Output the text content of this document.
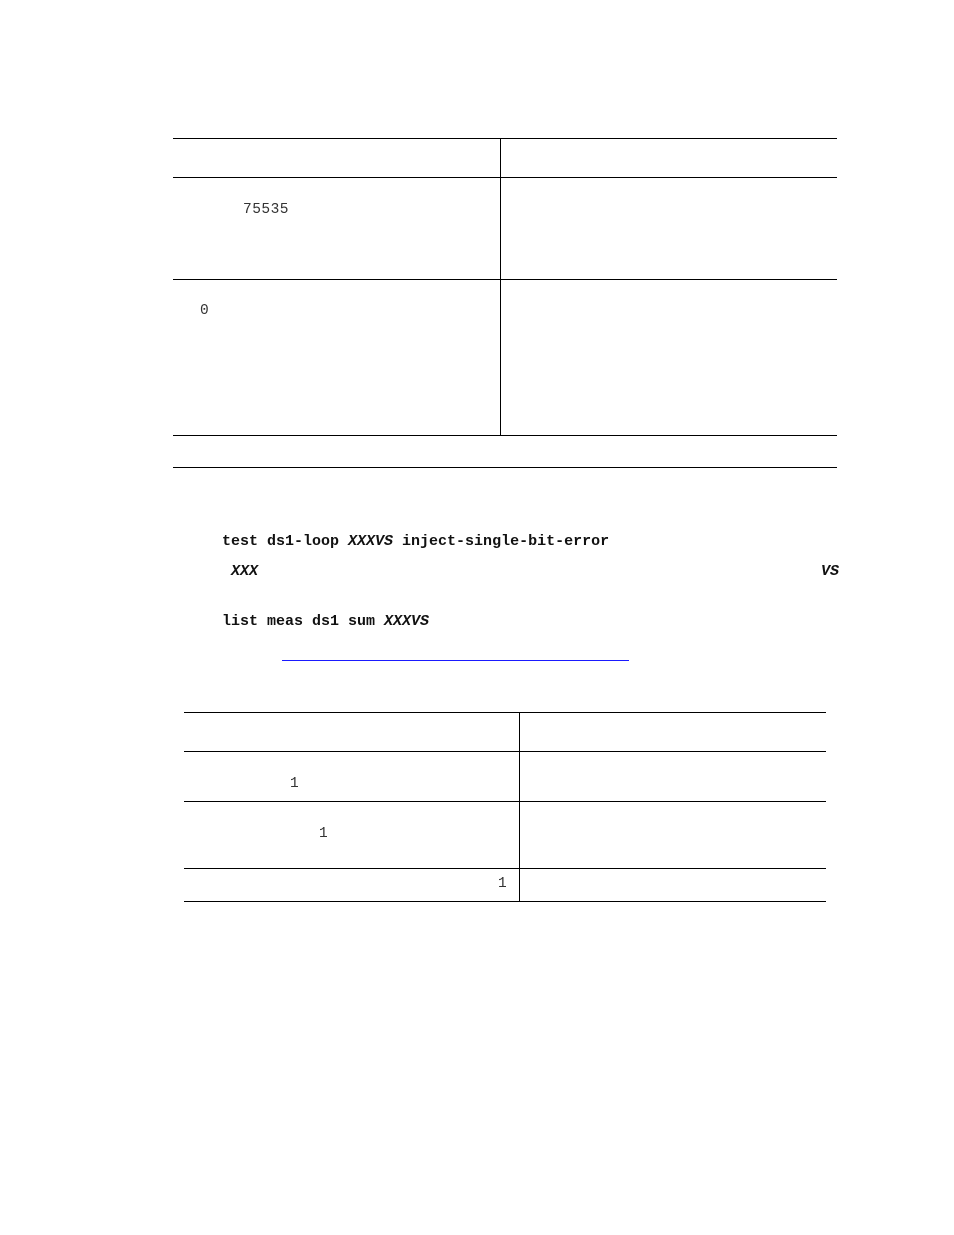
75535
0
test ds1-loop XXXVS inject-single-bit-error
XXX	VS
list meas ds1 sum XXXVS
1
1
1
